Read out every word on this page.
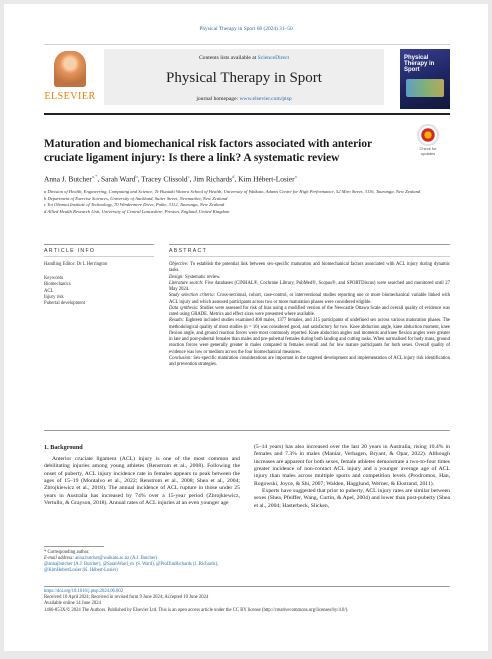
Physical Therapy in Sport 68 (2024) 31–50
ELSEVIER
Contents lists available at ScienceDirect
Physical Therapy in Sport
journal homepage: www.elsevier.com/ptsp
Physical Therapy in Sport
Maturation and biomechanical risk factors associated with anterior cruciate ligament injury: Is there a link? A systematic review
Check for updates
Anna J. Butcher$^{a,*}$, Sarah Ward$^b$, Tracey Clissold$^c$, Jim Richards$^d$, Kim Hébert-Losier$^a$
a Division of Health, Engineering, Computing and Science, Te Huataki Waiora School of Health, University of Waikato, Adams Centre for High Performance, 52 Miro Street, 3116, Tauranga, New Zealand
b Department of Exercise Sciences, University of Auckland, Suiter Street, Newmarket, New Zealand
c Toi Ohomai Institute of Technology, 70 Windermere Drive, Poike, 3112, Tauranga, New Zealand
d Allied Health Research Unit, University of Central Lancashire, Preston, England, United Kingdom
ARTICLE INFO	ABSTRACT
Handling Editor: Dr L Herrington
Keywords
Biomechanics
ACL
Injury risk
Pubertal development

Objective: To establish the potential link between sex-specific maturation and biomechanical factors associated with ACL injury during dynamic tasks.

Design: Systematic review.

Literature search: Five databases (CINHAL®, Cochrane Library, PubMed®, Scopus®, and SPORTDiscus) were searched and monitored until 27 May 2024.

Study selection criteria: Cross-sectional, cohort, case-control, or interventional studies reporting one or more biomechanical variable linked with ACL injury and which assessed participants across two or more maturation phases were considered eligible.

Data synthesis: Studies were assessed for risk of bias using a modified version of the Newcastle Ottawa Scale and overall quality of evidence was rated using GRADE. Metrics and effect sizes were presented where available.

Results: Eighteen included studies examined 400 males, 1377 females, and 315 participants of undefined sex across various maturation phases. The methodological quality of most studies (n = 16) was considered good, and satisfactory for two. Knee abduction angle, knee abduction moment, knee flexion angle, and ground reaction forces were most commonly reported. Knee abduction angles and moments and knee flexion angles were greater in late and post-pubertal females than males and pre-pubertal females during both landing and cutting tasks. When normalised for body mass, ground reaction forces were generally greater in males compared to females overall and for low mature participants for both sexes. Overall quality of evidence was low or medium across the four biomechanical measures.

Conclusion: Sex-specific maturation considerations are important in the targeted development and implementation of ACL injury risk identification and prevention strategies.

1. Background

Anterior cruciate ligament (ACL) injury is one of the most common and debilitating injuries among young athletes (Renstrom et al., 2008). Following the onset of puberty, ACL injury incidence rate in females appears to peak between the ages of 15–19 (Montalvo et al., 2022; Renstrom et al., 2008; Shea et al., 2004; Zbrojkiewicz et al., 2018). The annual incidence of ACL rupture in those under 25 years in Australia has increased by 74% over a 15-year period (Zbrojkiewicz, Vertullo, & Grayson, 2018). Annual rates of ACL injuries at an even younger age

(5–14 years) has also increased over the last 20 years in Australia, rising 10.4% in females and 7.3% in males (Maniar, Verhagen, Bryant, & Opar, 2022). Although increases are apparent for both sexes, female athletes demonstrate a two-to-four times greater incidence of non-contact ACL injury and a younger average age of ACL injury than males across multiple sports and competition levels (Prodromos, Han, Rogowski, Joyce, & Shi, 2007; Walden, Hagglund, Werner, & Ekstrand, 2011).

Experts have suggested that prior to puberty, ACL injury rates are similar between sexes (Shea, Pfeiffer, Wang, Curtin, & Apel, 2004) and lower than post-puberty (Shea et al., 2004; Hasterbeck, Slicken,

* Corresponding author.
E-mail address: anna.butcher@waikato.ac.nz (A.J. Butcher).
@annajbutcher (A.J. Butcher), @SarahWard_ex (S. Ward), @ProfJimRichards (J. Richards), @KimHebertLosier (K. Hébert-Losier)
https://doi.org/10.1016/j.ptsp.2024.06.002
Received 10 April 2024; Received in revised form 9 June 2024; Accepted 10 June 2024
Available online 14 June 2024
1466-853X/© 2024 The Authors. Published by Elsevier Ltd. This is an open access article under the CC BY license (http://creativecommons.org/licenses/by/4.0/).
